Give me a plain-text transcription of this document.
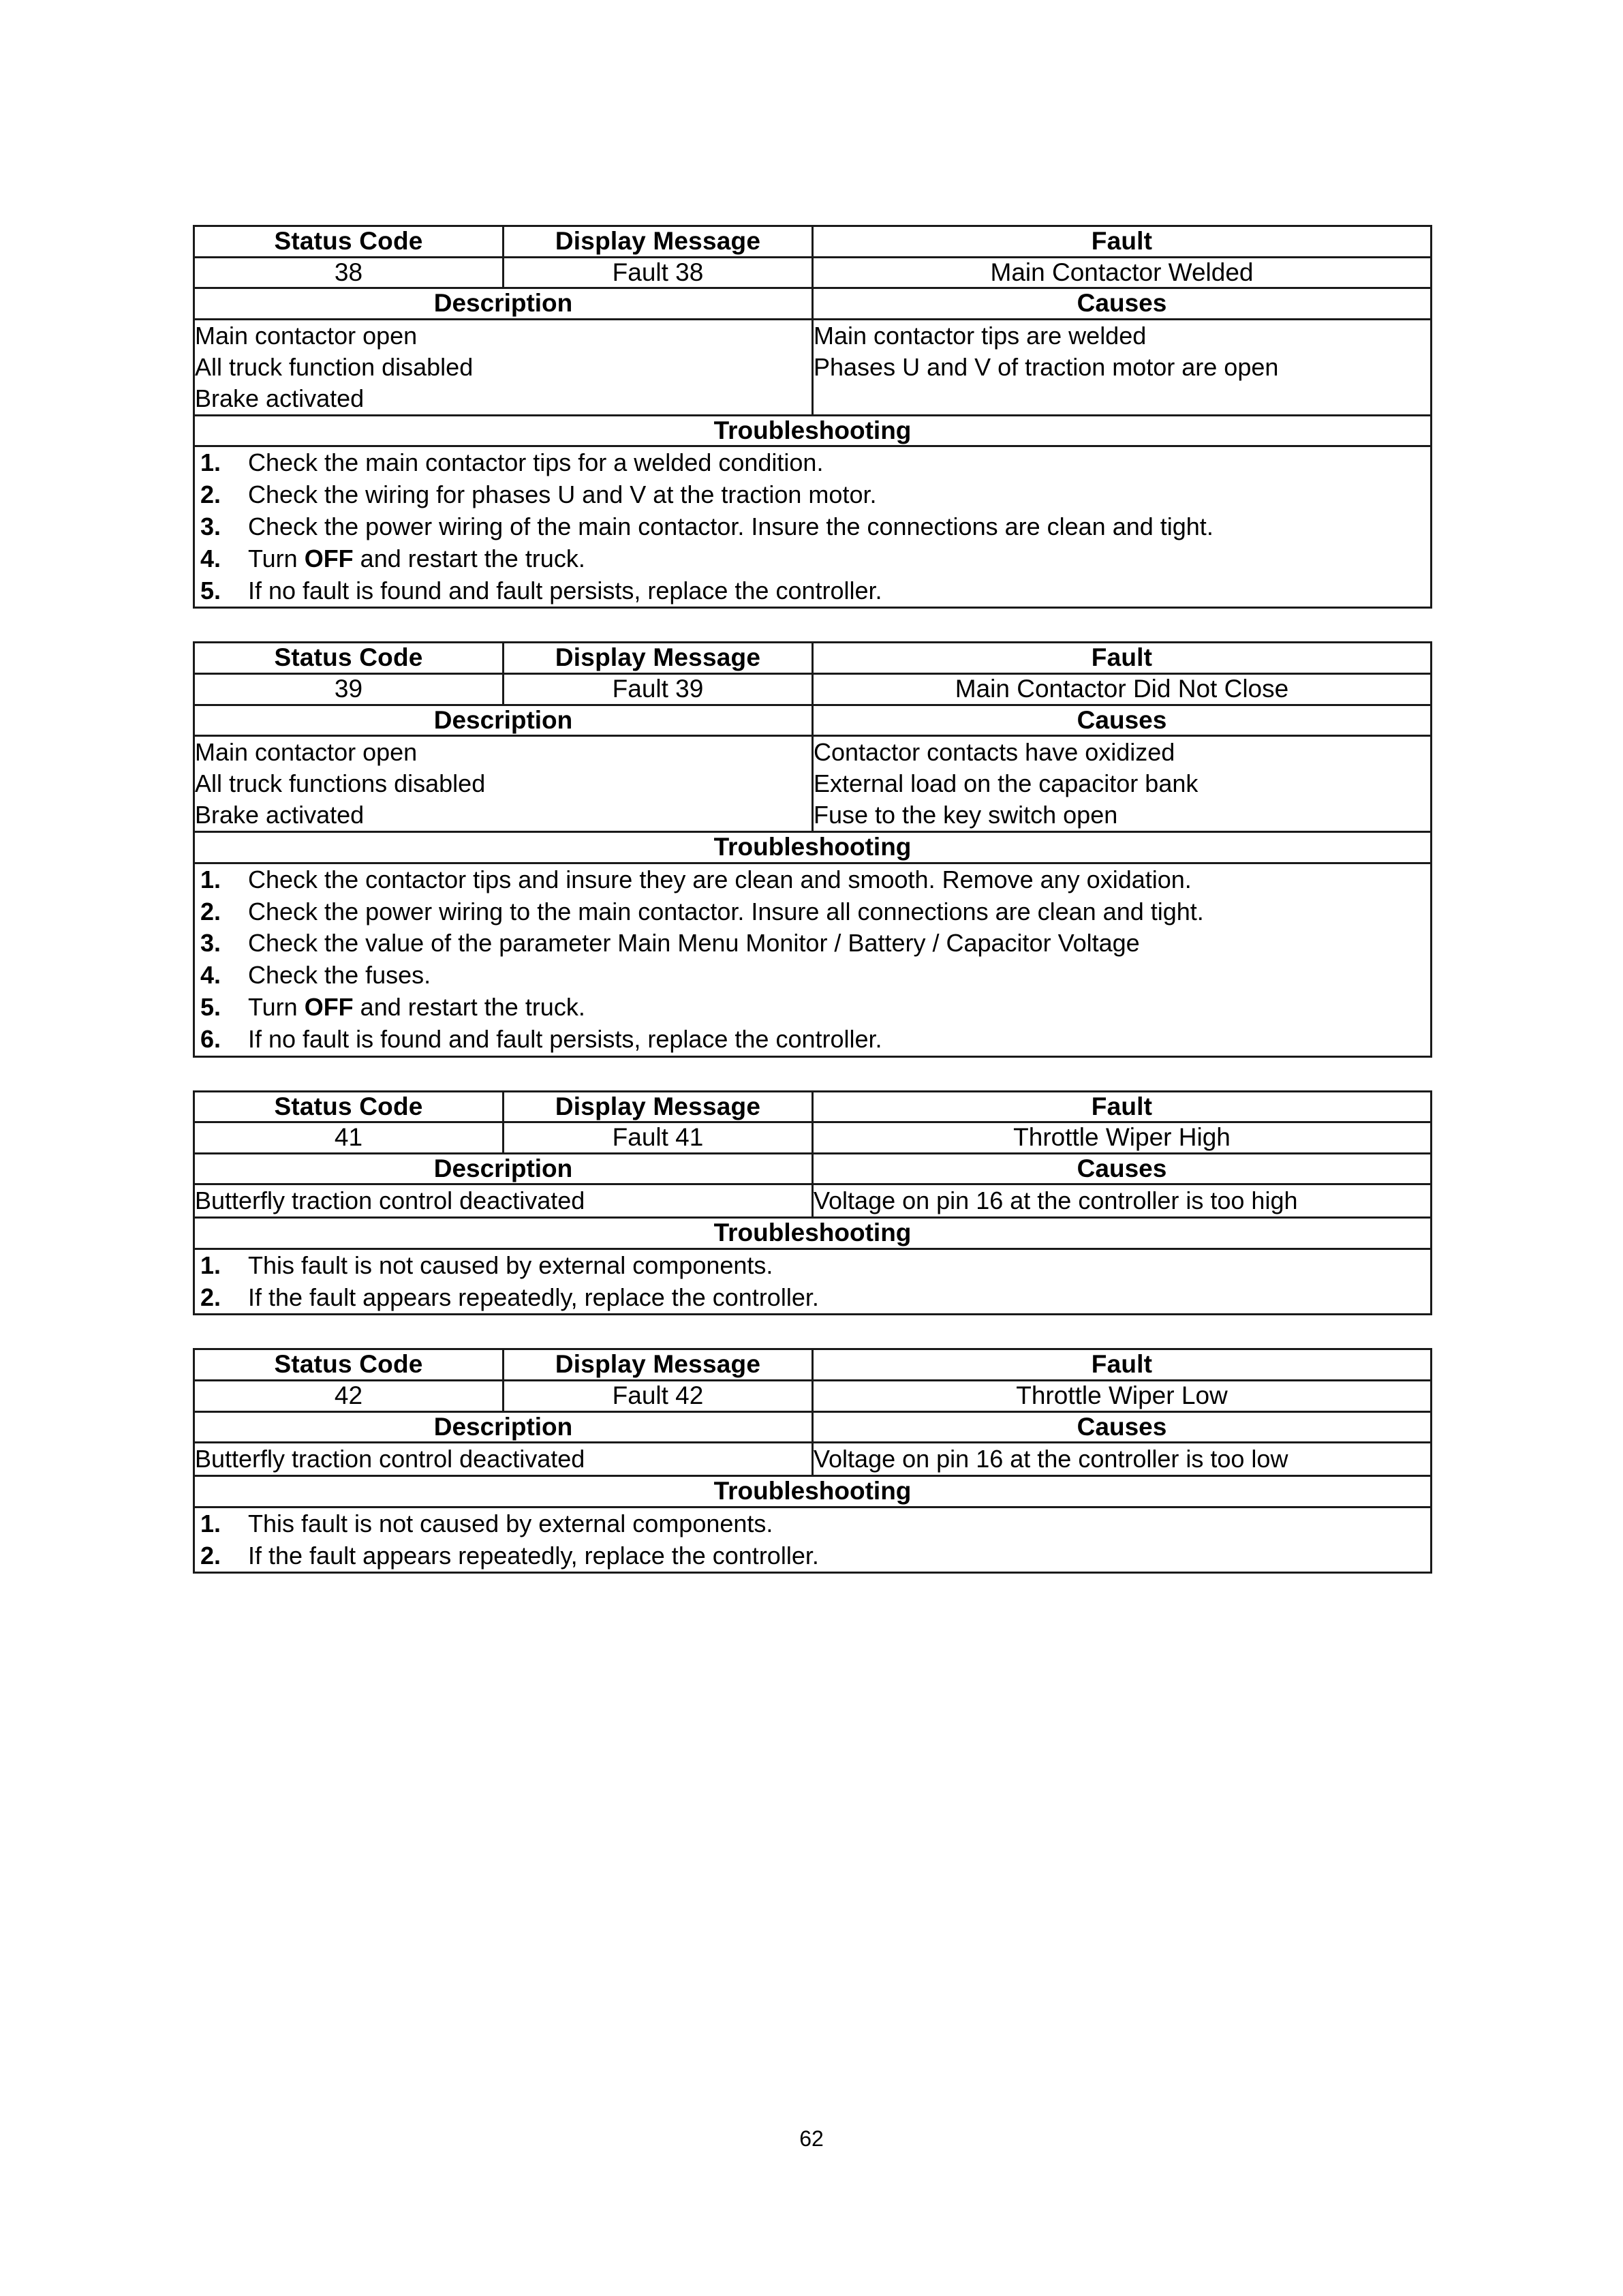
Status Code	Display Message	Fault
38	Fault 38	Main Contactor Welded
Description		Causes

Main contactor open
All truck function disabled
Brake activated		Main contactor tips are welded
Phases U and V of traction motor are open

Troubleshooting		

1.	Check the main contactor tips for a welded condition.
2.	Check the wiring for phases U and V at the traction motor.
3.	Check the power wiring of the main contactor. Insure the connections are clean and tight.
4.	Turn OFF and restart the truck.
5.	If no fault is found and fault persists, replace the controller.
Status Code	Display Message	Fault
39	Fault 39	Main Contactor Did Not Close
Description		Causes

Main contactor open
All truck functions disabled
Brake activated		Contactor contacts have oxidized
External load on the capacitor bank
Fuse to the key switch open

Troubleshooting		

1.	Check the contactor tips and insure they are clean and smooth. Remove any oxidation.
2.	Check the power wiring to the main contactor. Insure all connections are clean and tight.
3.	Check the value of the parameter Main Menu Monitor / Battery / Capacitor Voltage
4.	Check the fuses.
5.	Turn OFF and restart the truck.
6.	If no fault is found and fault persists, replace the controller.
Status Code	Display Message	Fault
41	Fault 41	Throttle Wiper High
Description		Causes

Butterfly traction control deactivated		Voltage on pin 16 at the controller is too high

Troubleshooting		

1.	This fault is not caused by external components.
2.	If the fault appears repeatedly, replace the controller.
Status Code	Display Message	Fault
42	Fault 42	Throttle Wiper Low
Description		Causes

Butterfly traction control deactivated		Voltage on pin 16 at the controller is too low

Troubleshooting		

1.	This fault is not caused by external components.
2.	If the fault appears repeatedly, replace the controller.
62
